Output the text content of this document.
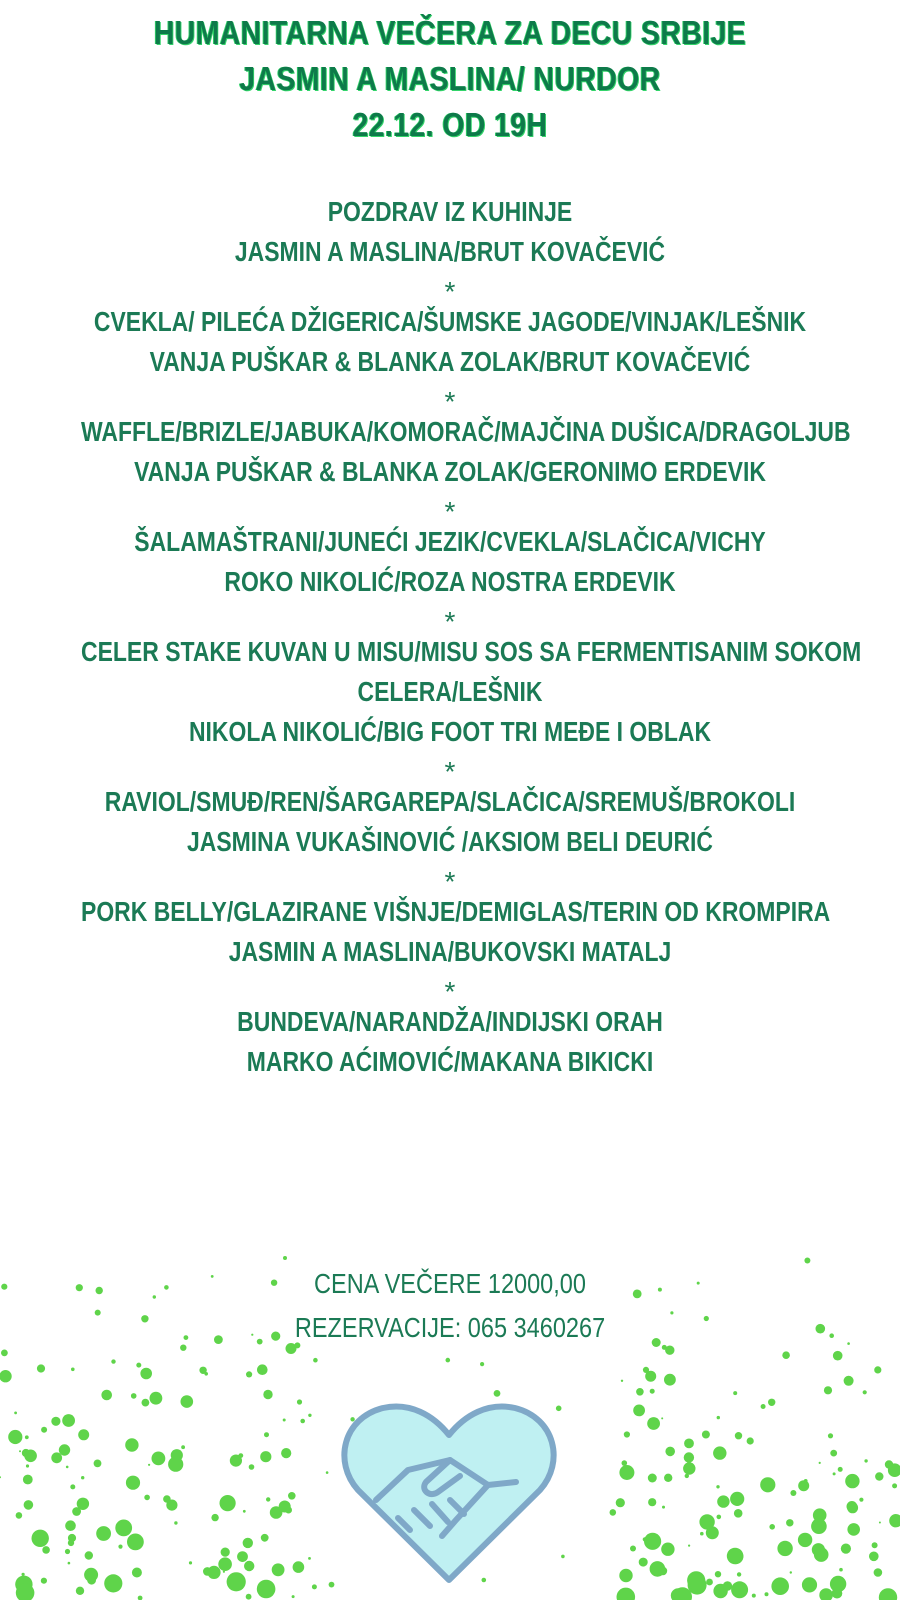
HUMANITARNA VEČERA ZA DECU SRBIJE
JASMIN A MASLINA/ NURDOR
22.12. OD 19H
POZDRAV IZ KUHINJE
JASMIN A MASLINA/BRUT KOVAČEVIĆ
*
CVEKLA/ PILEĆA DŽIGERICA/ŠUMSKE JAGODE/VINJAK/LEŠNIK
VANJA PUŠKAR & BLANKA ZOLAK/BRUT KOVAČEVIĆ
*
WAFFLE/BRIZLE/JABUKA/KOMORAČ/MAJČINA DUŠICA/DRAGOLJUB
VANJA PUŠKAR & BLANKA ZOLAK/GERONIMO ERDEVIK
*
ŠALAMAŠTRANI/JUNEĆI JEZIK/CVEKLA/SLAČICA/VICHY
ROKO NIKOLIĆ/ROZA NOSTRA ERDEVIK
*
CELER STAKE KUVAN U MISU/MISU SOS SA FERMENTISANIM SOKOM
CELERA/LEŠNIK
NIKOLA NIKOLIĆ/BIG FOOT TRI MEĐE I OBLAK
*
RAVIOL/SMUĐ/REN/ŠARGAREPA/SLAČICA/SREMUŠ/BROKOLI
JASMINA VUKAŠINOVIĆ /AKSIOM BELI DEURIĆ
*
PORK BELLY/GLAZIRANE VIŠNJE/DEMIGLAS/TERIN OD KROMPIRA
JASMIN A MASLINA/BUKOVSKI MATALJ
*
BUNDEVA/NARANDŽA/INDIJSKI ORAH
MARKO AĆIMOVIĆ/MAKANA BIKICKI
CENA VEČERE 12000,00
REZERVACIJE: 065 3460267
